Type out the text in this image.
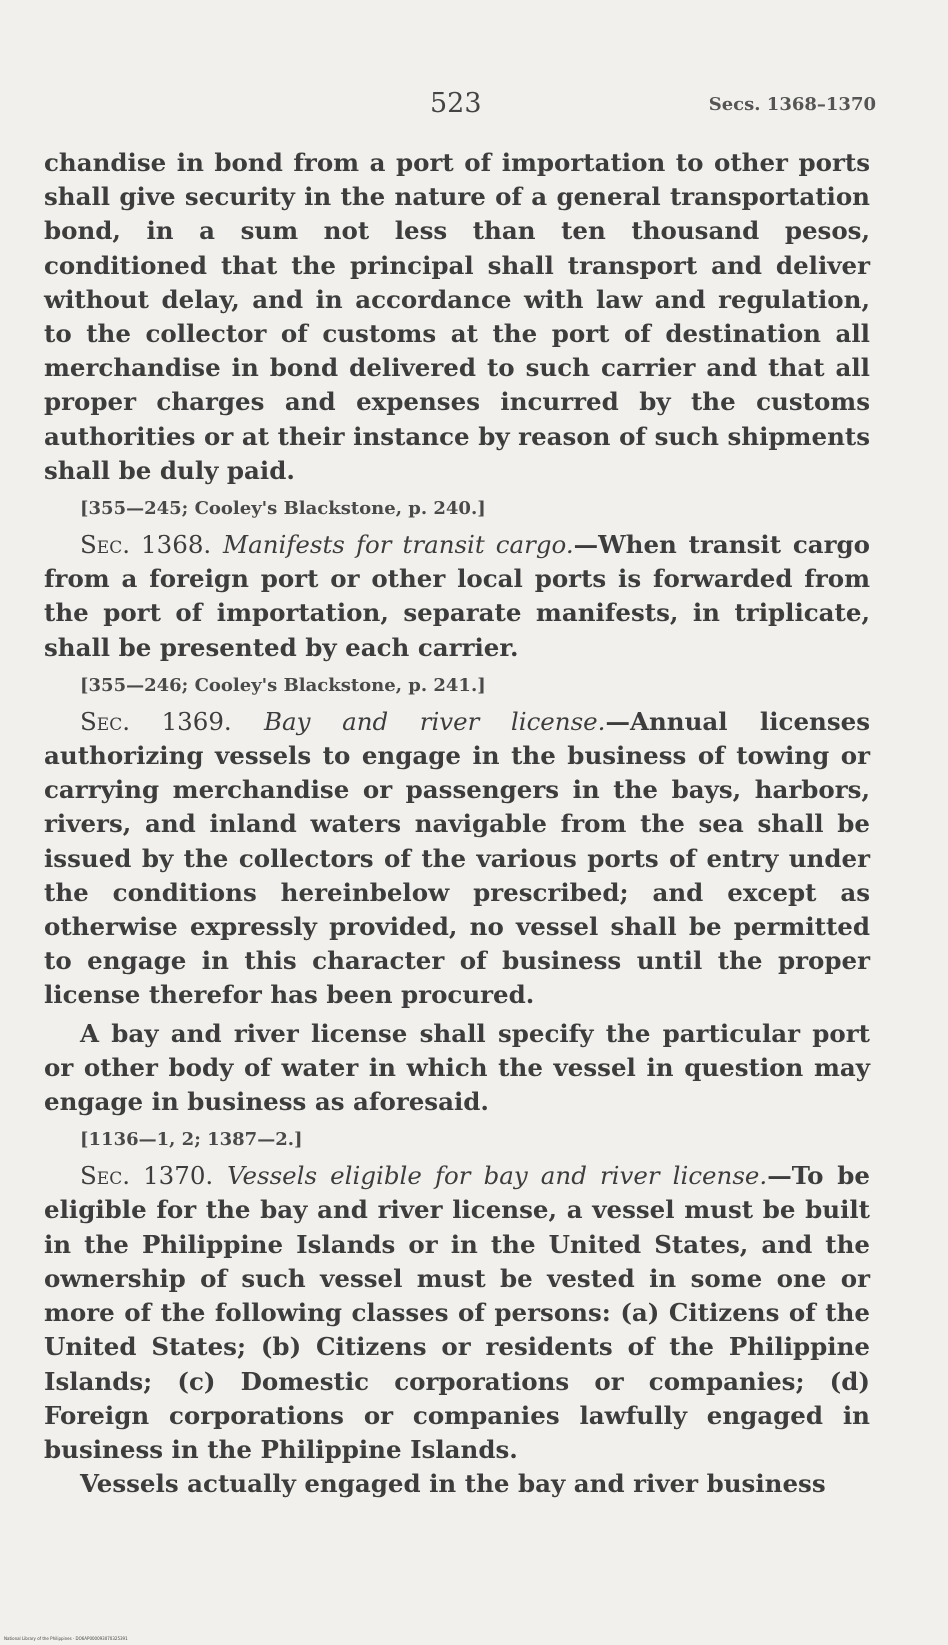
523	Secs. 1368–1370

chandise in bond from a port of importation to other ports shall give security in the nature of a general transportation bond, in a sum not less than ten thousand pesos, conditioned that the principal shall transport and deliver without delay, and in accordance with law and regulation, to the collector of customs at the port of destination all merchandise in bond delivered to such carrier and that all proper charges and expenses incurred by the customs authorities or at their instance by reason of such shipments shall be duly paid.

[355—245; Cooley's Blackstone, p. 240.]

Sec. 1368. Manifests for transit cargo.—When transit cargo from a foreign port or other local ports is forwarded from the port of importation, separate manifests, in triplicate, shall be presented by each carrier.

[355—246; Cooley's Blackstone, p. 241.]

Sec. 1369. Bay and river license.—Annual licenses authorizing vessels to engage in the business of towing or carrying merchandise or passengers in the bays, harbors, rivers, and inland waters navigable from the sea shall be issued by the collectors of the various ports of entry under the conditions hereinbelow prescribed; and except as otherwise expressly provided, no vessel shall be permitted to engage in this character of business until the proper license therefor has been procured.

A bay and river license shall specify the particular port or other body of water in which the vessel in question may engage in business as aforesaid.

[1136—1, 2; 1387—2.]

Sec. 1370. Vessels eligible for bay and river license.—To be eligible for the bay and river license, a vessel must be built in the Philippine Islands or in the United States, and the ownership of such vessel must be vested in some one or more of the following classes of persons: (a) Citizens of the United States; (b) Citizens or residents of the Philippine Islands; (c) Domestic corporations or companies; (d) Foreign corporations or companies lawfully engaged in business in the Philippine Islands.

Vessels actually engaged in the bay and river business

National Library of the Philippines · DO6AP000093070325391
